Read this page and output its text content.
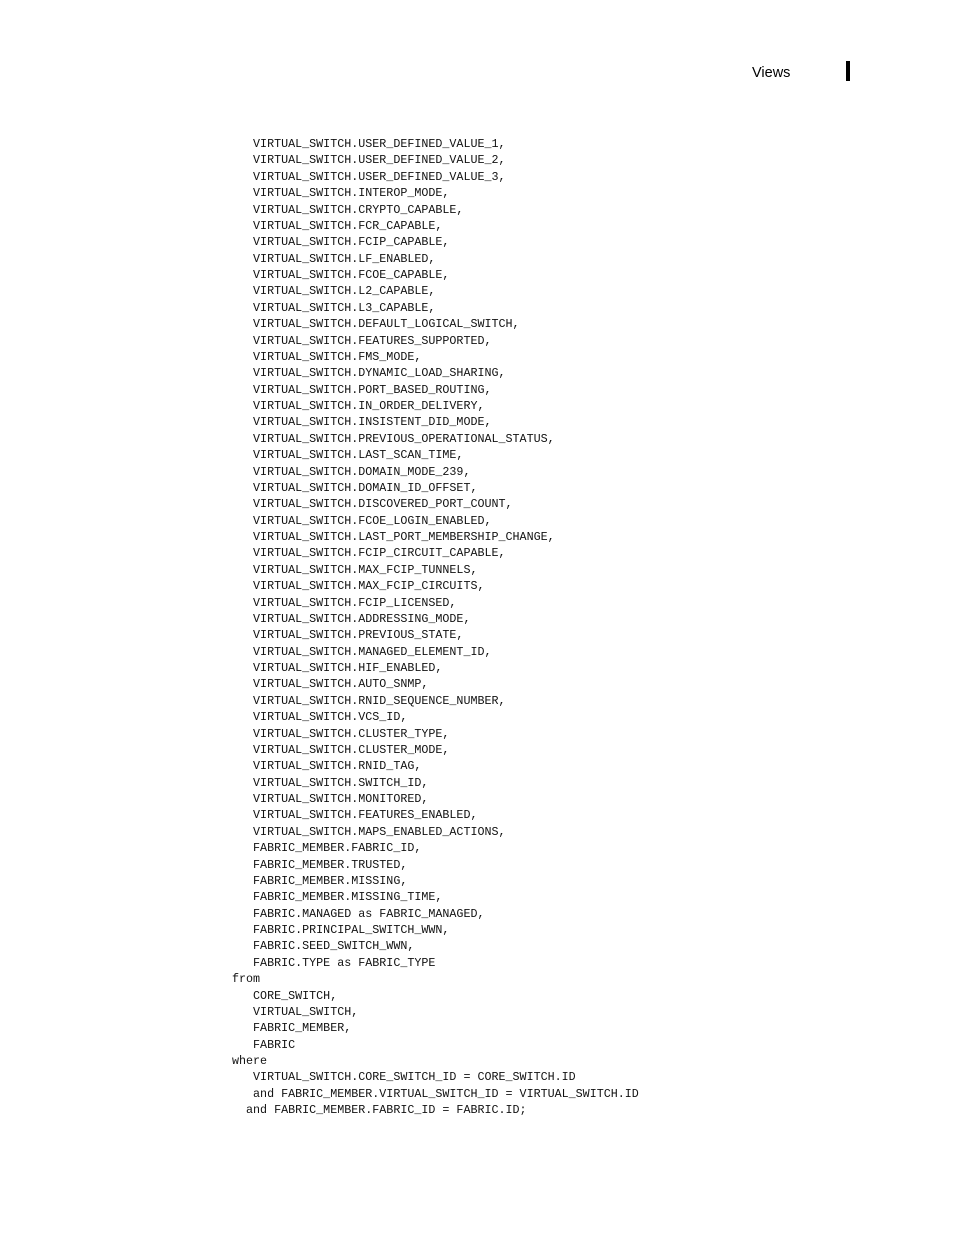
Views
VIRTUAL_SWITCH.USER_DEFINED_VALUE_1,
VIRTUAL_SWITCH.USER_DEFINED_VALUE_2,
VIRTUAL_SWITCH.USER_DEFINED_VALUE_3,
VIRTUAL_SWITCH.INTEROP_MODE,
VIRTUAL_SWITCH.CRYPTO_CAPABLE,
VIRTUAL_SWITCH.FCR_CAPABLE,
VIRTUAL_SWITCH.FCIP_CAPABLE,
VIRTUAL_SWITCH.LF_ENABLED,
VIRTUAL_SWITCH.FCOE_CAPABLE,
VIRTUAL_SWITCH.L2_CAPABLE,
VIRTUAL_SWITCH.L3_CAPABLE,
VIRTUAL_SWITCH.DEFAULT_LOGICAL_SWITCH,
VIRTUAL_SWITCH.FEATURES_SUPPORTED,
VIRTUAL_SWITCH.FMS_MODE,
VIRTUAL_SWITCH.DYNAMIC_LOAD_SHARING,
VIRTUAL_SWITCH.PORT_BASED_ROUTING,
VIRTUAL_SWITCH.IN_ORDER_DELIVERY,
VIRTUAL_SWITCH.INSISTENT_DID_MODE,
VIRTUAL_SWITCH.PREVIOUS_OPERATIONAL_STATUS,
VIRTUAL_SWITCH.LAST_SCAN_TIME,
VIRTUAL_SWITCH.DOMAIN_MODE_239,
VIRTUAL_SWITCH.DOMAIN_ID_OFFSET,
VIRTUAL_SWITCH.DISCOVERED_PORT_COUNT,
VIRTUAL_SWITCH.FCOE_LOGIN_ENABLED,
VIRTUAL_SWITCH.LAST_PORT_MEMBERSHIP_CHANGE,
VIRTUAL_SWITCH.FCIP_CIRCUIT_CAPABLE,
VIRTUAL_SWITCH.MAX_FCIP_TUNNELS,
VIRTUAL_SWITCH.MAX_FCIP_CIRCUITS,
VIRTUAL_SWITCH.FCIP_LICENSED,
VIRTUAL_SWITCH.ADDRESSING_MODE,
VIRTUAL_SWITCH.PREVIOUS_STATE,
VIRTUAL_SWITCH.MANAGED_ELEMENT_ID,
VIRTUAL_SWITCH.HIF_ENABLED,
VIRTUAL_SWITCH.AUTO_SNMP,
VIRTUAL_SWITCH.RNID_SEQUENCE_NUMBER,
VIRTUAL_SWITCH.VCS_ID,
VIRTUAL_SWITCH.CLUSTER_TYPE,
VIRTUAL_SWITCH.CLUSTER_MODE,
VIRTUAL_SWITCH.RNID_TAG,
VIRTUAL_SWITCH.SWITCH_ID,
VIRTUAL_SWITCH.MONITORED,
VIRTUAL_SWITCH.FEATURES_ENABLED,
VIRTUAL_SWITCH.MAPS_ENABLED_ACTIONS,
FABRIC_MEMBER.FABRIC_ID,
FABRIC_MEMBER.TRUSTED,
FABRIC_MEMBER.MISSING,
FABRIC_MEMBER.MISSING_TIME,
FABRIC.MANAGED as FABRIC_MANAGED,
FABRIC.PRINCIPAL_SWITCH_WWN,
FABRIC.SEED_SWITCH_WWN,
FABRIC.TYPE as FABRIC_TYPE
from
CORE_SWITCH,
VIRTUAL_SWITCH,
FABRIC_MEMBER,
FABRIC
where
VIRTUAL_SWITCH.CORE_SWITCH_ID = CORE_SWITCH.ID
and FABRIC_MEMBER.VIRTUAL_SWITCH_ID = VIRTUAL_SWITCH.ID
and FABRIC_MEMBER.FABRIC_ID = FABRIC.ID;
